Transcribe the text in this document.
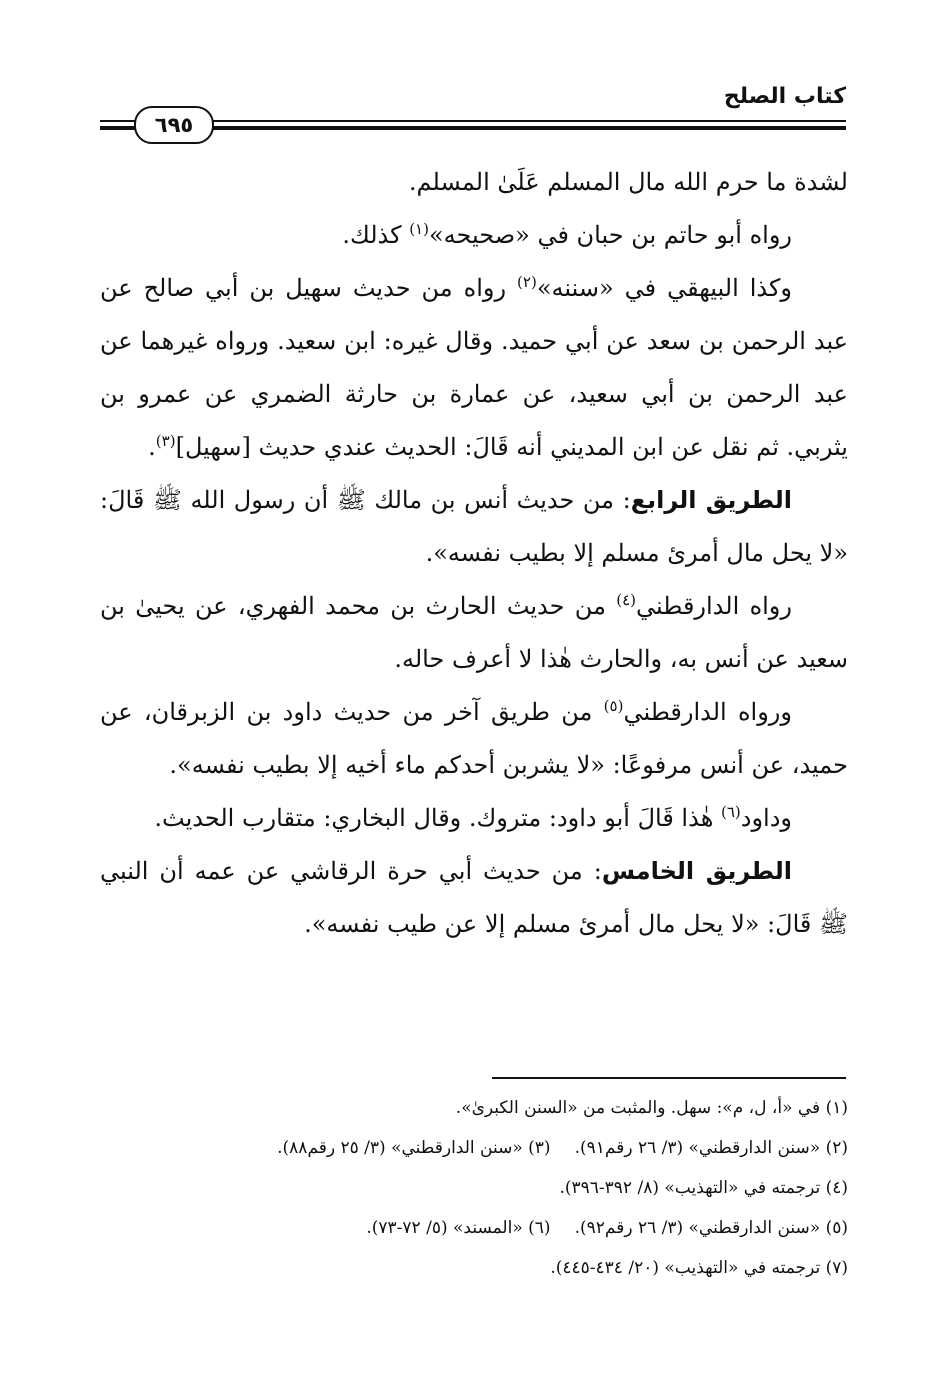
كتاب الصلح
٦٩٥

لشدة ما حرم الله مال المسلم عَلَىٰ المسلم.

رواه أبو حاتم بن حبان في «صحيحه»$^{(١)}$ كذلك.

وكذا البيهقي في «سننه»$^{(٢)}$ رواه من حديث سهيل بن أبي صالح عن عبد الرحمن بن سعد عن أبي حميد. وقال غيره: ابن سعيد. ورواه غيرهما عن عبد الرحمن بن أبي سعيد، عن عمارة بن حارثة الضمري عن عمرو بن يثربي. ثم نقل عن ابن المديني أنه قَالَ: الحديث عندي حديث [سهيل]$^{(٣)}$.

الطريق الرابع: من حديث أنس بن مالك ﷺ أن رسول الله ﷺ قَالَ: «لا يحل مال أمرئ مسلم إلا بطيب نفسه».

رواه الدارقطني$^{(٤)}$ من حديث الحارث بن محمد الفهري، عن يحيىٰ بن سعيد عن أنس به، والحارث هٰذا لا أعرف حاله.

ورواه الدارقطني$^{(٥)}$ من طريق آخر من حديث داود بن الزبرقان، عن حميد، عن أنس مرفوعًا: «لا يشربن أحدكم ماء أخيه إلا بطيب نفسه».

وداود$^{(٦)}$ هٰذا قَالَ أبو داود: متروك. وقال البخاري: متقارب الحديث.

الطريق الخامس: من حديث أبي حرة الرقاشي عن عمه أن النبي ﷺ قَالَ: «لا يحل مال أمرئ مسلم إلا عن طيب نفسه».

(١) في «أ، ل، م»: سهل. والمثبت من «السنن الكبرىٰ».
(٢) «سنن الدارقطني» (٣/ ٢٦ رقم٩١).(٣) «سنن الدارقطني» (٣/ ٢٥ رقم٨٨).
(٤) ترجمته في «التهذيب» (٨/ ٣٩٢-٣٩٦).
(٥) «سنن الدارقطني» (٣/ ٢٦ رقم٩٢).(٦) «المسند» (٥/ ٧٢-٧٣).
(٧) ترجمته في «التهذيب» (٢٠/ ٤٣٤-٤٤٥).
